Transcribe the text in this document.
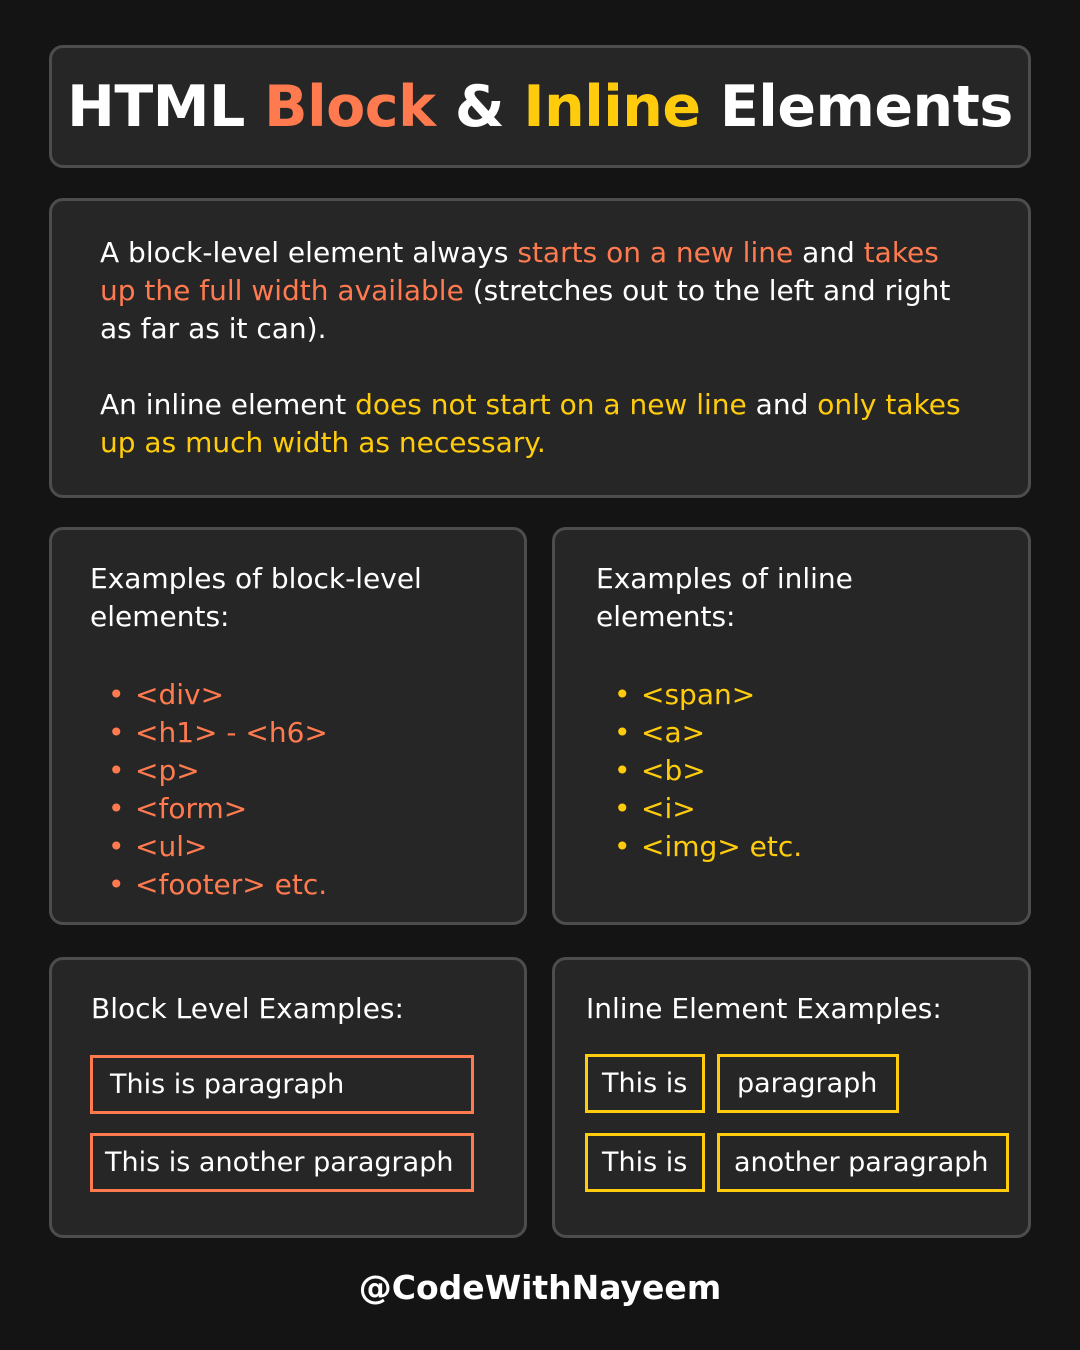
HTML Block & Inline Elements

A block-level element always starts on a new line and takes up the full width available (stretches out to the left and right as far as it can).

An inline element does not start on a new line and only takes up as much width as necessary.

Examples of block-level elements:

• <div>
• <h1> - <h6>
• <p>
• <form>
• <ul>
• <footer> etc.

Examples of inline elements:

• <span>
• <a>
• <b>
• <i>
• <img> etc.

Block Level Examples:

This is paragraph
This is another paragraph

Inline Element Examples:

This is	paragraph
This is	another paragraph
@CodeWithNayeem
